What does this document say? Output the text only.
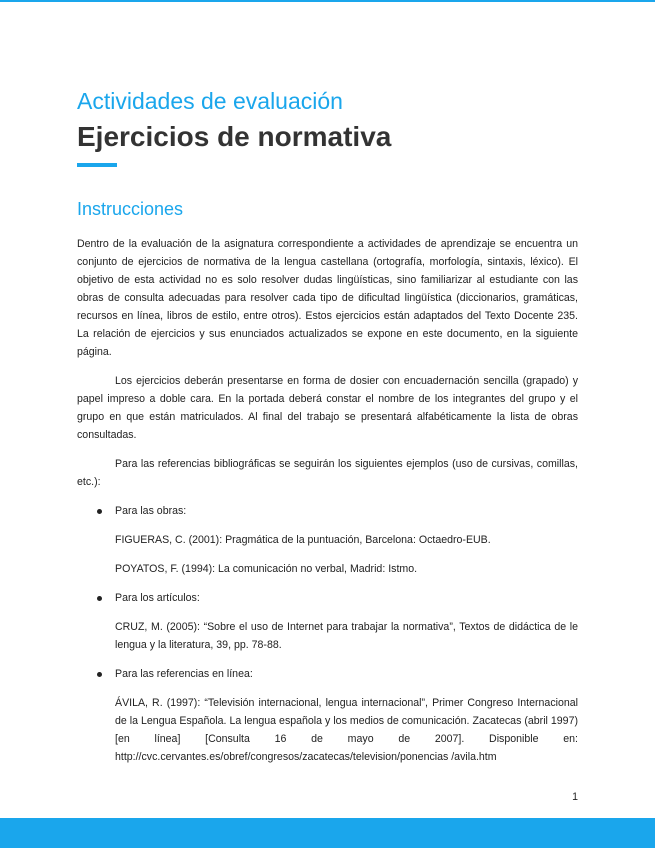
Actividades de evaluación
Ejercicios de normativa
Instrucciones

Dentro de la evaluación de la asignatura correspondiente a actividades de aprendizaje se encuentra un conjunto de ejercicios de normativa de la lengua castellana (ortografía, morfología, sintaxis, léxico). El objetivo de esta actividad no es solo resolver dudas lingüísticas, sino familiarizar al estudiante con las obras de consulta adecuadas para resolver cada tipo de dificultad lingüística (diccionarios, gramáticas, recursos en línea, libros de estilo, entre otros). Estos ejercicios están adaptados del Texto Docente 235. La relación de ejercicios y sus enunciados actualizados se expone en este documento, en la siguiente página.

Los ejercicios deberán presentarse en forma de dosier con encuadernación sencilla (grapado) y papel impreso a doble cara. En la portada deberá constar el nombre de los integrantes del grupo y el grupo en que están matriculados. Al final del trabajo se presentará alfabéticamente la lista de obras consultadas.

Para las referencias bibliográficas se seguirán los siguientes ejemplos (uso de cursivas, comillas, etc.):

Para las obras:

FIGUERAS, C. (2001): Pragmática de la puntuación, Barcelona: Octaedro-EUB.

POYATOS, F. (1994): La comunicación no verbal, Madrid: Istmo.

Para los artículos:

CRUZ, M. (2005): “Sobre el uso de Internet para trabajar la normativa”, Textos de didáctica de le lengua y la literatura, 39, pp. 78-88.

Para las referencias en línea:

ÁVILA, R. (1997): “Televisión internacional, lengua internacional”, Primer Congreso Internacional de la Lengua Española. La lengua española y los medios de comunicación. Zacatecas (abril 1997) [en línea] [Consulta 16 de mayo de 2007]. Disponible en: http://cvc.cervantes.es/obref/congresos/zacatecas/television/ponencias /avila.htm

1
